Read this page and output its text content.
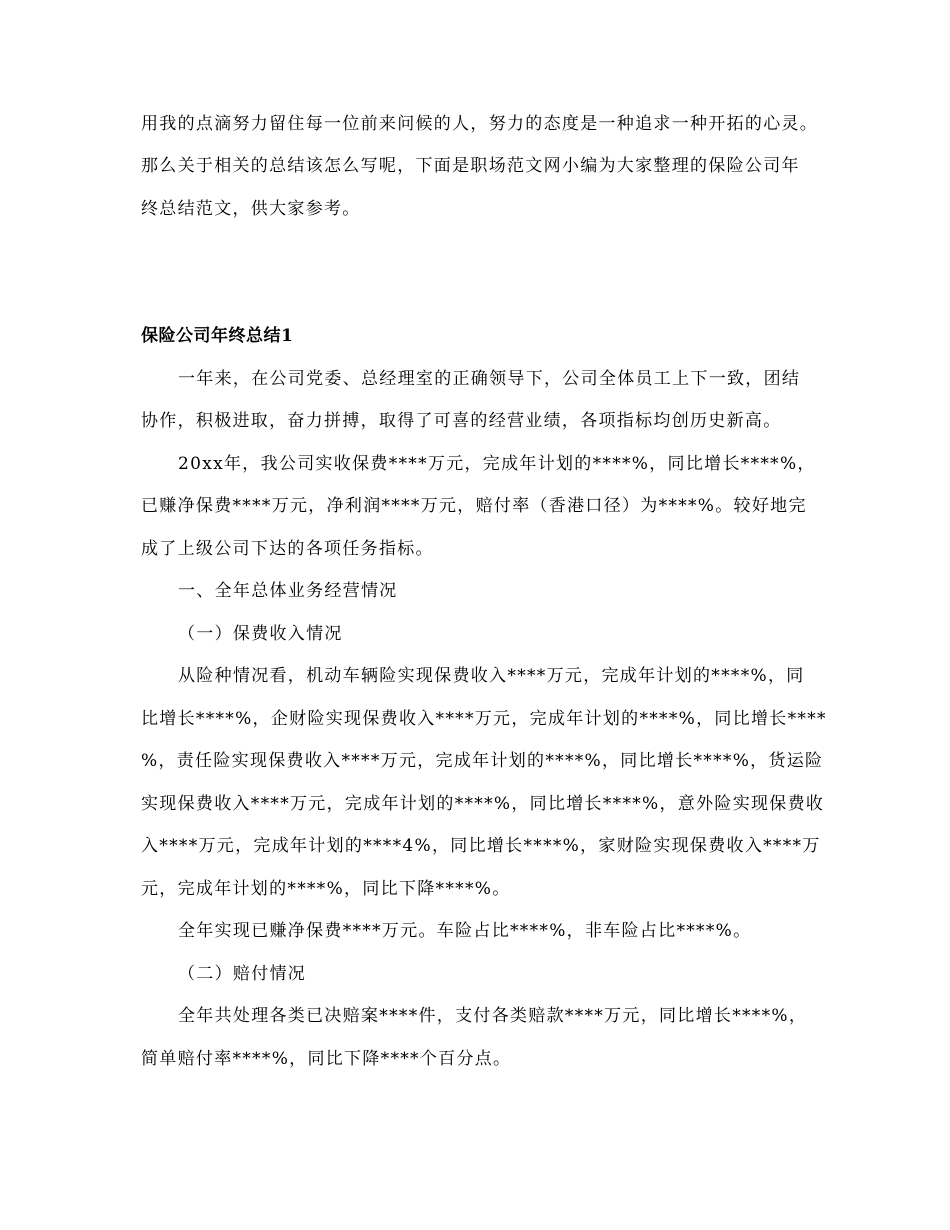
用我的点滴努力留住每一位前来问候的人，努力的态度是一种追求一种开拓的心灵。
那么关于相关的总结该怎么写呢，下面是职场范文网小编为大家整理的保险公司年
终总结范文，供大家参考。
保险公司年终总结1
一年来，在公司党委、总经理室的正确领导下，公司全体员工上下一致，团结
协作，积极进取，奋力拼搏，取得了可喜的经营业绩，各项指标均创历史新高。
20xx年，我公司实收保费****万元，完成年计划的****%，同比增长****%，
已赚净保费****万元，净利润****万元，赔付率（香港口径）为****%。较好地完
成了上级公司下达的各项任务指标。
一、全年总体业务经营情况
（一）保费收入情况
从险种情况看，机动车辆险实现保费收入****万元，完成年计划的****%，同
比增长****%，企财险实现保费收入****万元，完成年计划的****%，同比增长****
%，责任险实现保费收入****万元，完成年计划的****%，同比增长****%，货运险
实现保费收入****万元，完成年计划的****%，同比增长****%，意外险实现保费收
入****万元，完成年计划的****4%，同比增长****%，家财险实现保费收入****万
元，完成年计划的****%，同比下降****%。
全年实现已赚净保费****万元。车险占比****%，非车险占比****%。
（二）赔付情况
全年共处理各类已决赔案****件，支付各类赔款****万元，同比增长****%，
简单赔付率****%，同比下降****个百分点。
